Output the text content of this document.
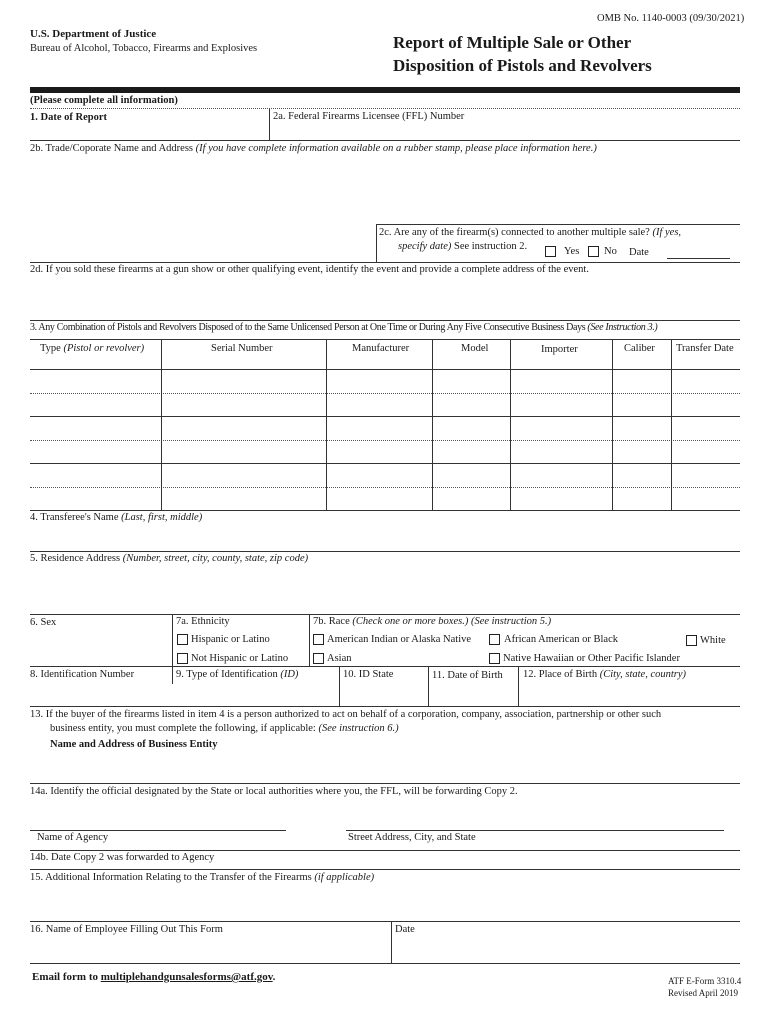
U.S. Department of Justice
Bureau of Alcohol, Tobacco, Firearms and Explosives
OMB No. 1140-0003 (09/30/2021)
Report of Multiple Sale or Other
Disposition of Pistols and Revolvers
(Please complete all information)
1. Date of Report	2a. Federal Firearms Licensee (FFL) Number
2b. Trade/Coporate Name and Address (If you have complete information available on a rubber stamp, please place information here.)
2c. Are any of the firearm(s) connected to another multiple sale? (If yes,
specify date) See instruction 2.	Yes No Date
2d. If you sold these firearms at a gun show or other qualifying event, identify the event and provide a complete address of the event.
3. Any Combination of Pistols and Revolvers Disposed of to the Same Unlicensed Person at One Time or During Any Five Consecutive Business Days (See Instruction 3.)
Type (Pistol or revolver)	Serial Number	Manufacturer	Model	Importer	Caliber Transfer Date
4. Transferee's Name (Last, first, middle)
5. Residence Address (Number, street, city, county, state, zip code)
6. Sex	7a. Ethnicity
Hispanic or Latino
Not Hispanic or Latino
7b. Race (Check one or more boxes.) (See instruction 5.)
American Indian or Alaska Native	African American or Black	White
Asian	Native Hawaiian or Other Pacific Islander
8. Identification Number	9. Type of Identification (ID)	10. ID State	11. Date of Birth 12. Place of Birth (City, state, country)
13. If the buyer of the firearms listed in item 4 is a person authorized to act on behalf of a corporation, company, association, partnership or other such
business entity, you must complete the following, if applicable: (See instruction 6.)
Name and Address of Business Entity
14a. Identify the official designated by the State or local authorities where you, the FFL, will be forwarding Copy 2.
Name of Agency	Street Address, City, and State
14b. Date Copy 2 was forwarded to Agency
15. Additional Information Relating to the Transfer of the Firearms (if applicable)
16. Name of Employee Filling Out This Form	Date
Email form to multiplehandgunsalesforms@atf.gov.	ATF E-Form 3310.4
Revised April 2019
